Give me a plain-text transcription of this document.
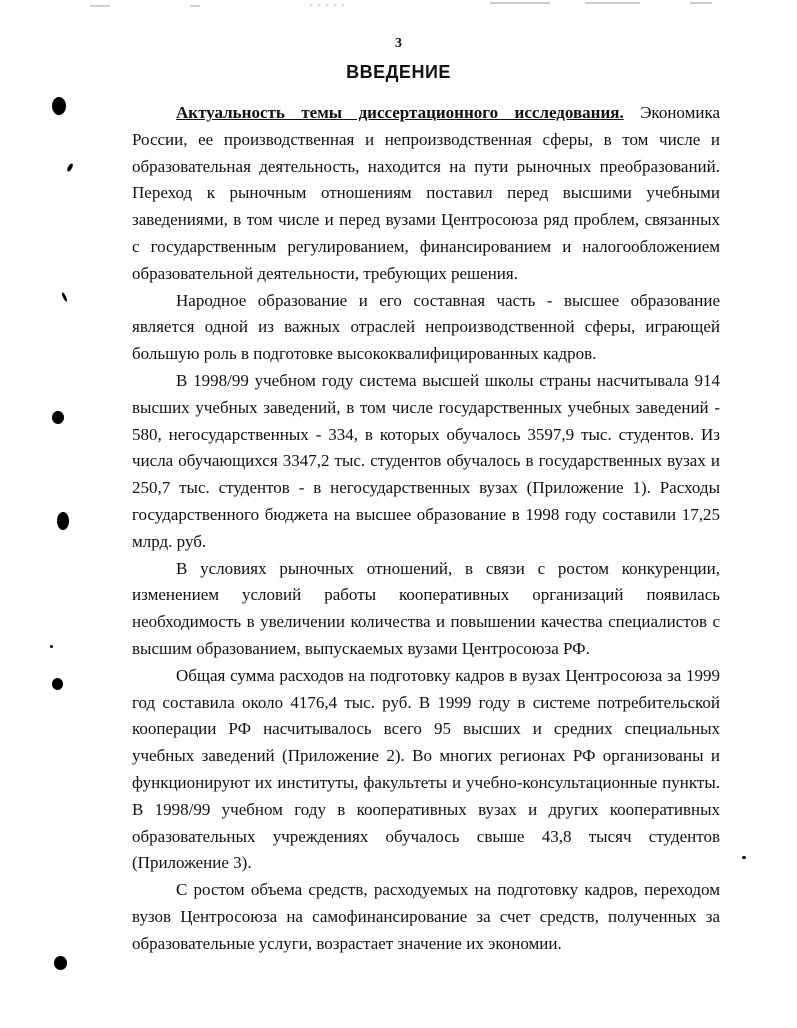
3
ВВЕДЕНИЕ

Актуальность темы диссертационного исследования. Экономика России, ее производственная и непроизводственная сферы, в том числе и образовательная деятельность, находится на пути рыночных преобразований. Переход к рыночным отношениям поставил перед высшими учебными заведениями, в том числе и перед вузами Центросоюза ряд проблем, связанных с государственным регулированием, финансированием и налогообложением образовательной деятельности, требующих решения.

Народное образование и его составная часть - высшее образование является одной из важных отраслей непроизводственной сферы, играющей большую роль в подготовке высококвалифицированных кадров.

В 1998/99 учебном году система высшей школы страны насчитывала 914 высших учебных заведений, в том числе государственных учебных заведений - 580, негосударственных - 334, в которых обучалось 3597,9 тыс. студентов. Из числа обучающихся 3347,2 тыс. студентов обучалось в государственных вузах и 250,7 тыс. студентов - в негосударственных вузах (Приложение 1). Расходы государственного бюджета на высшее образование в 1998 году составили 17,25 млрд. руб.

В условиях рыночных отношений, в связи с ростом конкуренции, изменением условий работы кооперативных организаций появилась необходимость в увеличении количества и повышении качества специалистов с высшим образованием, выпускаемых вузами Центросоюза РФ.

Общая сумма расходов на подготовку кадров в вузах Центросоюза за 1999 год составила около 4176,4 тыс. руб. В 1999 году в системе потребительской кооперации РФ насчитывалось всего 95 высших и средних специальных учебных заведений (Приложение 2). Во многих регионах РФ организованы и функционируют их институты, факультеты и учебно-консультационные пункты. В 1998/99 учебном году в кооперативных вузах и других кооперативных образовательных учреждениях обучалось свыше 43,8 тысяч студентов (Приложение 3).

С ростом объема средств, расходуемых на подготовку кадров, переходом вузов Центросоюза на самофинансирование за счет средств, полученных за образовательные услуги, возрастает значение их экономии.
